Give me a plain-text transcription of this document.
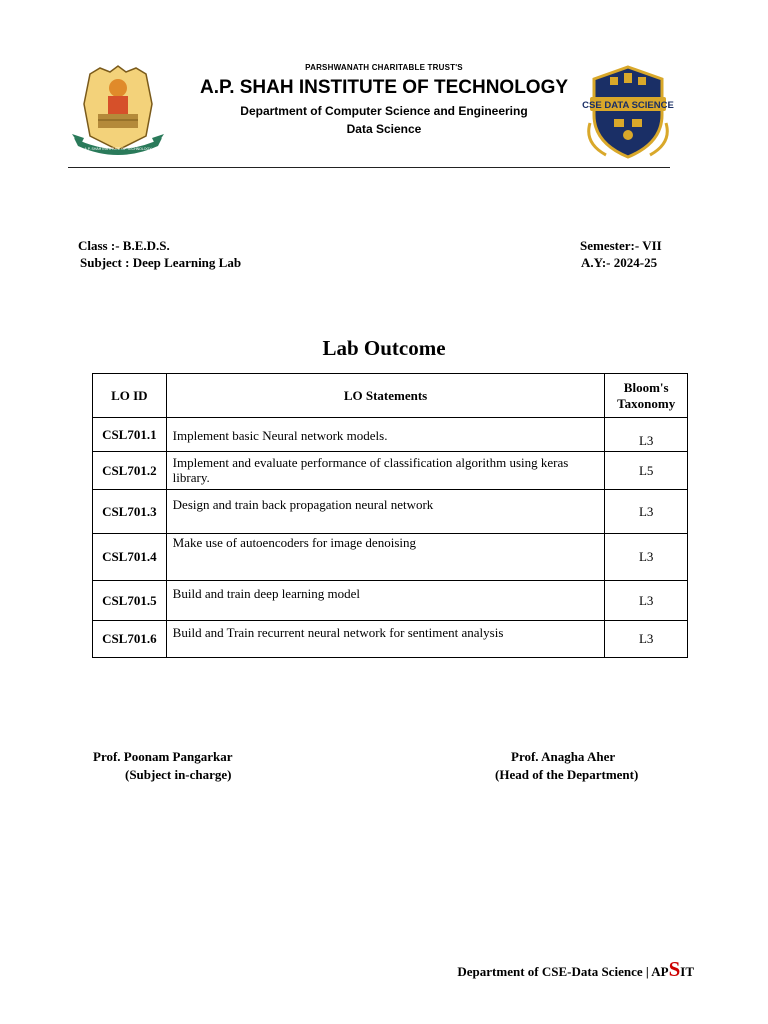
A.P. SHAH INSTITUTE OF TECHNOLOGY
CSE DATA SCIENCE
PARSHWANATH CHARITABLE TRUST'S
A.P. SHAH INSTITUTE OF TECHNOLOGY
Department of Computer Science and Engineering
Data Science
Class :- B.E.D.S.
Subject : Deep Learning Lab
Semester:- VII
A.Y:- 2024-25
Lab Outcome
LO ID	LO Statements	Bloom's Taxonomy
CSL701.1	Implement basic Neural network models.	L3
CSL701.2	Implement and evaluate performance of classification algorithm using keras library.	L5
CSL701.3	Design and train back propagation neural network	L3
CSL701.4	Make use of autoencoders for image denoising	L3
CSL701.5	Build and train deep learning model	L3
CSL701.6	Build and Train recurrent neural network for sentiment analysis	L3
Prof. Poonam Pangarkar
(Subject in-charge)
Prof. Anagha Aher
(Head of the Department)
Department of CSE-Data Science | APSIT
